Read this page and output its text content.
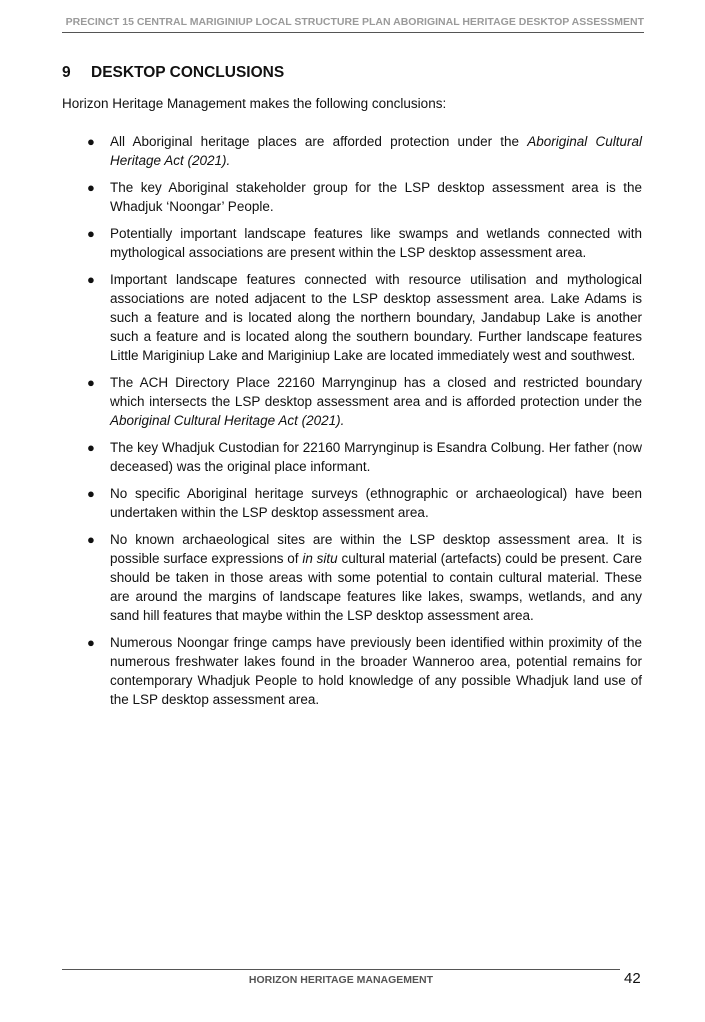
PRECINCT 15 CENTRAL MARIGINIUP LOCAL STRUCTURE PLAN ABORIGINAL HERITAGE DESKTOP ASSESSMENT
9 DESKTOP CONCLUSIONS

Horizon Heritage Management makes the following conclusions:

● All Aboriginal heritage places are afforded protection under the Aboriginal Cultural Heritage Act (2021).
● The key Aboriginal stakeholder group for the LSP desktop assessment area is the Whadjuk ‘Noongar’ People.
● Potentially important landscape features like swamps and wetlands connected with mythological associations are present within the LSP desktop assessment area.
● Important landscape features connected with resource utilisation and mythological associations are noted adjacent to the LSP desktop assessment area. Lake Adams is such a feature and is located along the northern boundary, Jandabup Lake is another such a feature and is located along the southern boundary. Further landscape features Little Mariginiup Lake and Mariginiup Lake are located immediately west and southwest.
● The ACH Directory Place 22160 Marrynginup has a closed and restricted boundary which intersects the LSP desktop assessment area and is afforded protection under the Aboriginal Cultural Heritage Act (2021).
● The key Whadjuk Custodian for 22160 Marrynginup is Esandra Colbung. Her father (now deceased) was the original place informant.
● No specific Aboriginal heritage surveys (ethnographic or archaeological) have been undertaken within the LSP desktop assessment area.
● No known archaeological sites are within the LSP desktop assessment area. It is possible surface expressions of in situ cultural material (artefacts) could be present. Care should be taken in those areas with some potential to contain cultural material. These are around the margins of landscape features like lakes, swamps, wetlands, and any sand hill features that maybe within the LSP desktop assessment area.
● Numerous Noongar fringe camps have previously been identified within proximity of the numerous freshwater lakes found in the broader Wanneroo area, potential remains for contemporary Whadjuk People to hold knowledge of any possible Whadjuk land use of the LSP desktop assessment area.
HORIZON HERITAGE MANAGEMENT	42
